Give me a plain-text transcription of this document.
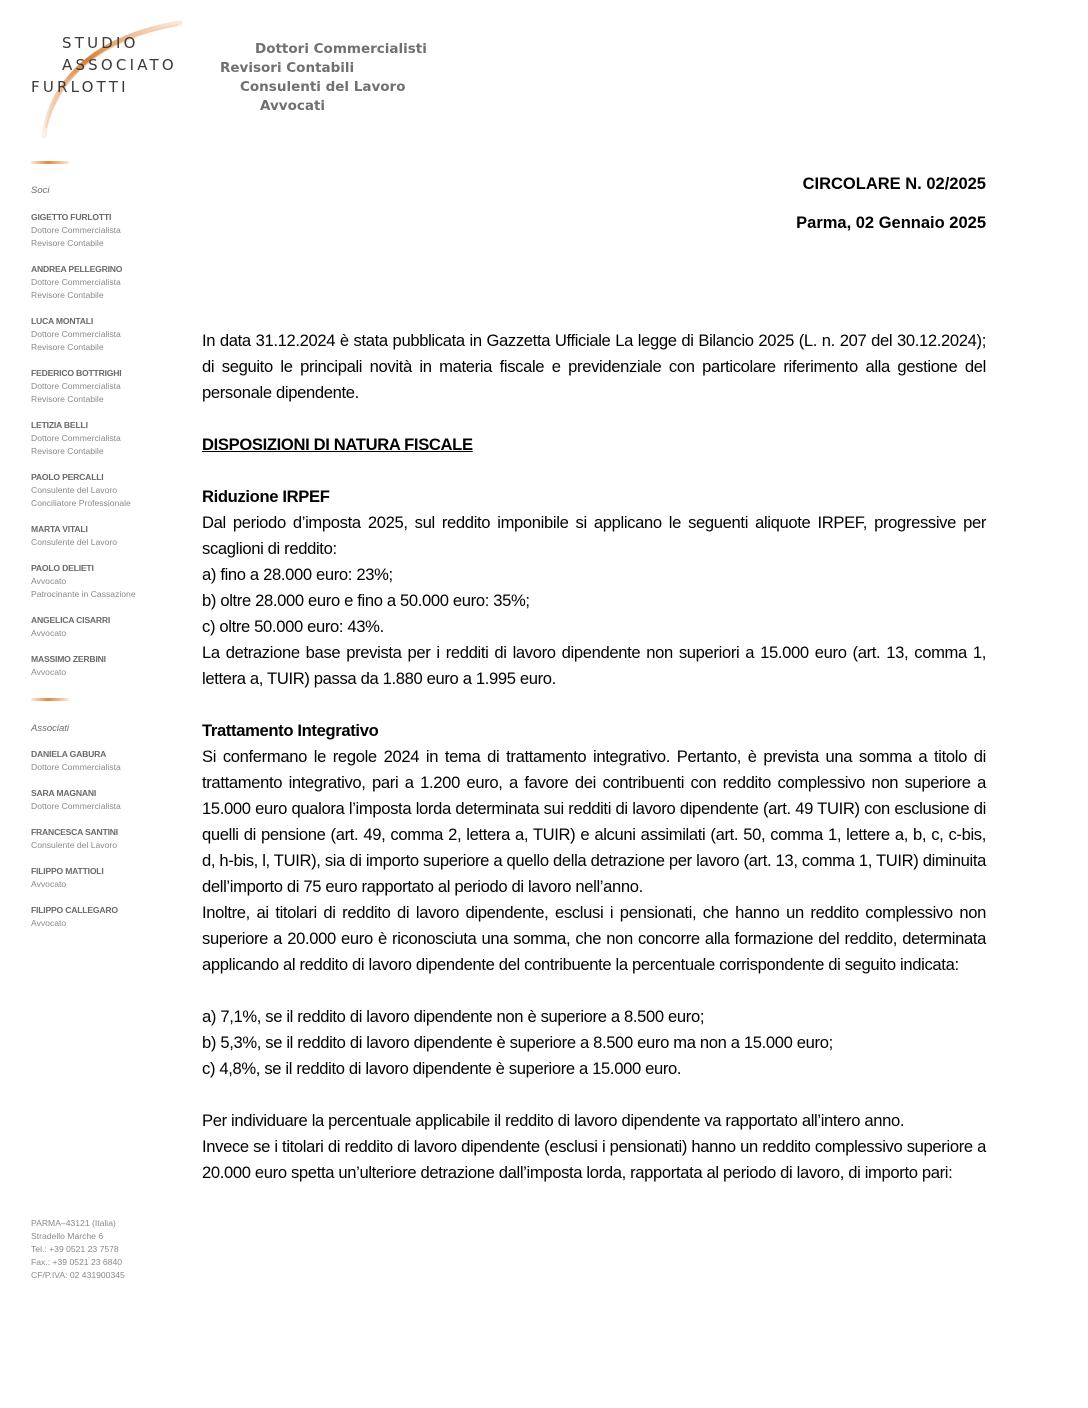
STUDIO
ASSOCIATO
FURLOTTI
Dottori Commercialisti
Revisori Contabili
Consulenti del Lavoro
Avvocati
Soci
GIGETTO FURLOTTI
Dottore Commercialista
Revisore Contabile
ANDREA PELLEGRINO
Dottore Commercialista
Revisore Contabile
LUCA MONTALI
Dottore Commercialista
Revisore Contabile
FEDERICO BOTTRIGHI
Dottore Commercialista
Revisore Contabile
LETIZIA BELLI
Dottore Commercialista
Revisore Contabile
PAOLO PERCALLI
Consulente del Lavoro
Conciliatore Professionale
MARTA VITALI
Consulente del Lavoro
PAOLO DELIETI
Avvocato
Patrocinante in Cassazione
ANGELICA CISARRI
Avvocato
MASSIMO ZERBINI
Avvocato
Associati
DANIELA GABURA
Dottore Commercialista
SARA MAGNANI
Dottore Commercialista
FRANCESCA SANTINI
Consulente del Lavoro
FILIPPO MATTIOLI
Avvocato
FILIPPO CALLEGARO
Avvocato
PARMA–43121 (Italia)
Stradello Marche 6
Tel.: +39 0521 23 7578
Fax.: +39 0521 23 6840
CF/P.IVA: 02 431900345
CIRCOLARE N. 02/2025
Parma, 02 Gennaio 2025

In data 31.12.2024 è stata pubblicata in Gazzetta Ufficiale La legge di Bilancio 2025 (L. n. 207 del 30.12.2024); di seguito le principali novità in materia fiscale e previdenziale con particolare riferimento alla gestione del personale dipendente.

DISPOSIZIONI DI NATURA FISCALE
Riduzione IRPEF

Dal periodo d’imposta 2025, sul reddito imponibile si applicano le seguenti aliquote IRPEF, progressive per scaglioni di reddito:

a) fino a 28.000 euro: 23%;
b) oltre 28.000 euro e fino a 50.000 euro: 35%;
c) oltre 50.000 euro: 43%.

La detrazione base prevista per i redditi di lavoro dipendente non superiori a 15.000 euro (art. 13, comma 1, lettera a, TUIR) passa da 1.880 euro a 1.995 euro.

Trattamento Integrativo

Si confermano le regole 2024 in tema di trattamento integrativo. Pertanto, è prevista una somma a titolo di trattamento integrativo, pari a 1.200 euro, a favore dei contribuenti con reddito complessivo non superiore a 15.000 euro qualora l’imposta lorda determinata sui redditi di lavoro dipendente (art. 49 TUIR) con esclusione di quelli di pensione (art. 49, comma 2, lettera a, TUIR) e alcuni assimilati (art. 50, comma 1, lettere a, b, c, c-bis, d, h-bis, l, TUIR), sia di importo superiore a quello della detrazione per lavoro (art. 13, comma 1, TUIR) diminuita dell’importo di 75 euro rapportato al periodo di lavoro nell’anno.

Inoltre, ai titolari di reddito di lavoro dipendente, esclusi i pensionati, che hanno un reddito complessivo non superiore a 20.000 euro è riconosciuta una somma, che non concorre alla formazione del reddito, determinata applicando al reddito di lavoro dipendente del contribuente la percentuale corrispondente di seguito indicata:

a) 7,1%, se il reddito di lavoro dipendente non è superiore a 8.500 euro;
b) 5,3%, se il reddito di lavoro dipendente è superiore a 8.500 euro ma non a 15.000 euro;
c) 4,8%, se il reddito di lavoro dipendente è superiore a 15.000 euro.

Per individuare la percentuale applicabile il reddito di lavoro dipendente va rapportato all’intero anno.

Invece se i titolari di reddito di lavoro dipendente (esclusi i pensionati) hanno un reddito complessivo superiore a 20.000 euro spetta un’ulteriore detrazione dall’imposta lorda, rapportata al periodo di lavoro, di importo pari:
